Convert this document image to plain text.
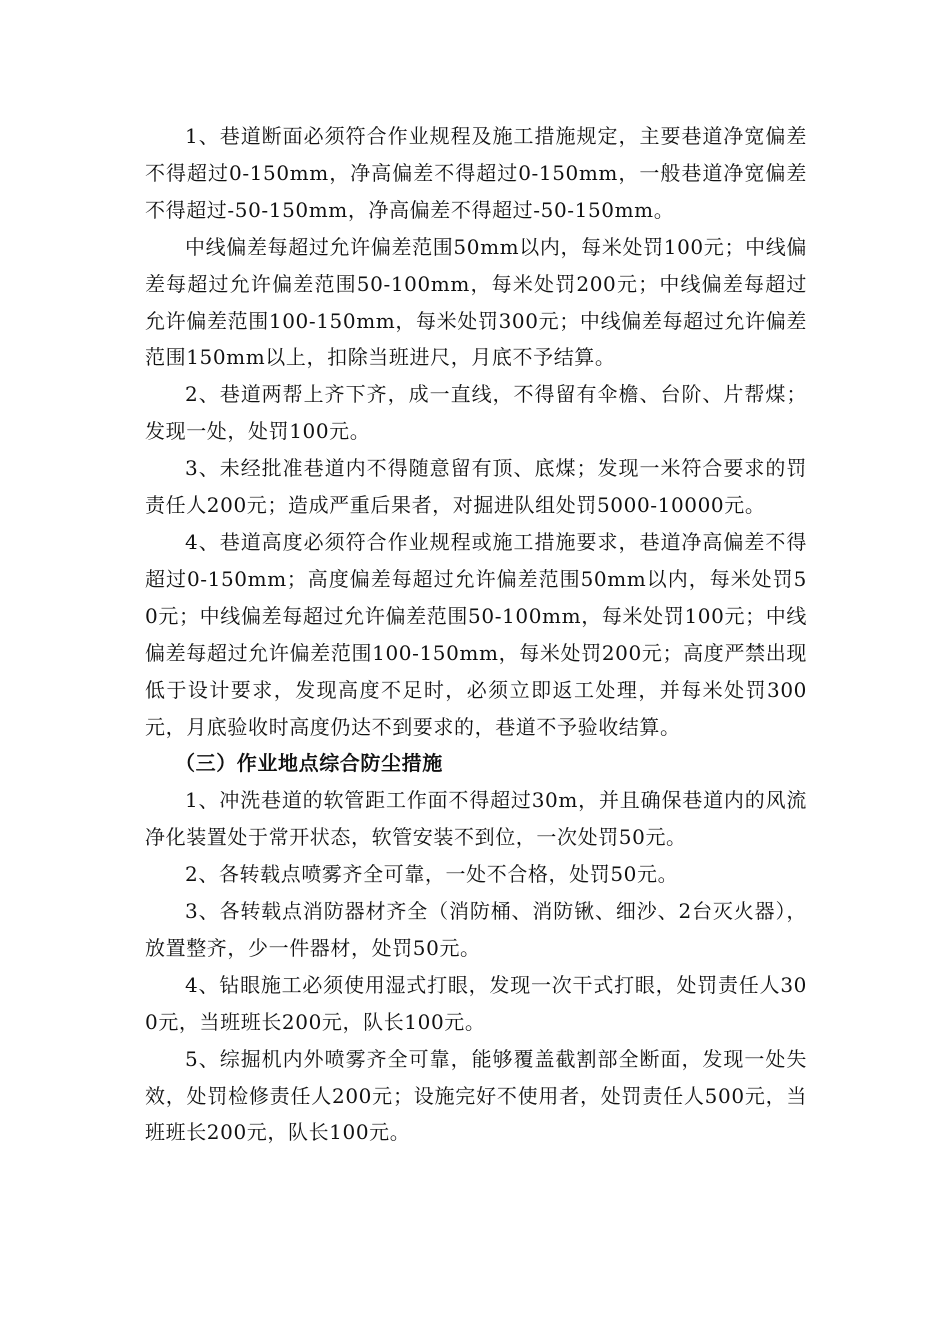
1、巷道断面必须符合作业规程及施工措施规定，主要巷道净宽偏差不得超过0-150mm，净高偏差不得超过0-150mm，一般巷道净宽偏差不得超过-50-150mm，净高偏差不得超过-50-150mm。

中线偏差每超过允许偏差范围50mm以内，每米处罚100元；中线偏差每超过允许偏差范围50-100mm，每米处罚200元；中线偏差每超过允许偏差范围100-150mm，每米处罚300元；中线偏差每超过允许偏差范围150mm以上，扣除当班进尺，月底不予结算。

2、巷道两帮上齐下齐，成一直线，不得留有伞檐、台阶、片帮煤；发现一处，处罚100元。

3、未经批准巷道内不得随意留有顶、底煤；发现一米符合要求的罚责任人200元；造成严重后果者，对掘进队组处罚5000-10000元。

4、巷道高度必须符合作业规程或施工措施要求，巷道净高偏差不得超过0-150mm；高度偏差每超过允许偏差范围50mm以内，每米处罚50元；中线偏差每超过允许偏差范围50-100mm，每米处罚100元；中线偏差每超过允许偏差范围100-150mm，每米处罚200元；高度严禁出现低于设计要求，发现高度不足时，必须立即返工处理，并每米处罚300元，月底验收时高度仍达不到要求的，巷道不予验收结算。

（三）作业地点综合防尘措施

1、冲洗巷道的软管距工作面不得超过30m，并且确保巷道内的风流净化装置处于常开状态，软管安装不到位，一次处罚50元。

2、各转载点喷雾齐全可靠，一处不合格，处罚50元。

3、各转载点消防器材齐全（消防桶、消防锹、细沙、2台灭火器），放置整齐，少一件器材，处罚50元。

4、钻眼施工必须使用湿式打眼，发现一次干式打眼，处罚责任人300元，当班班长200元，队长100元。

5、综掘机内外喷雾齐全可靠，能够覆盖截割部全断面，发现一处失效，处罚检修责任人200元；设施完好不使用者，处罚责任人500元，当班班长200元，队长100元。
